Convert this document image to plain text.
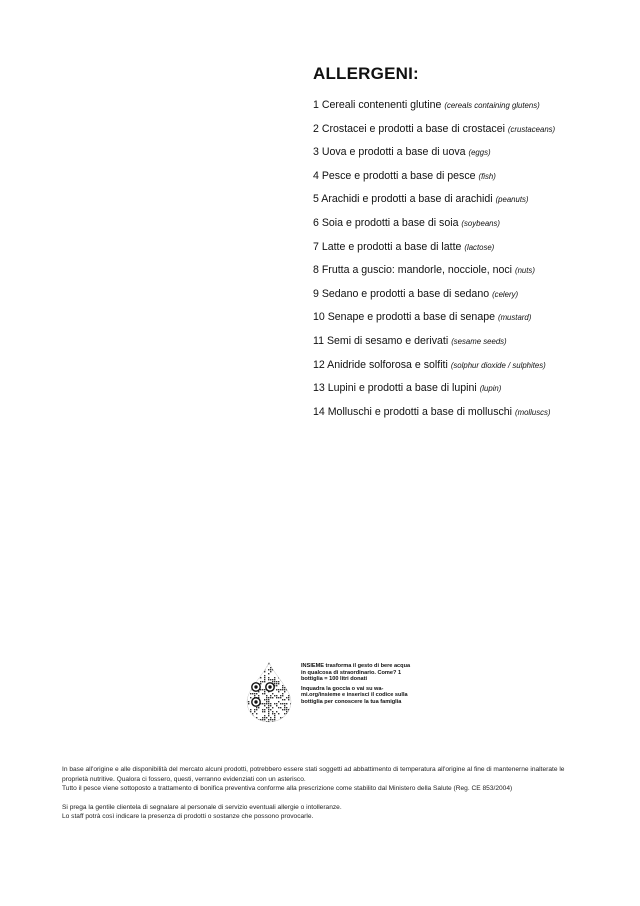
ALLERGENI:
1 Cereali contenenti glutine (cereals containing glutens)
2 Crostacei e prodotti a base di crostacei (crustaceans)
3 Uova e prodotti a base di uova (eggs)
4 Pesce e prodotti a base di pesce (fish)
5 Arachidi e prodotti a base di arachidi (peanuts)
6 Soia e prodotti a base di soia (soybeans)
7 Latte e prodotti a base di latte (lactose)
8 Frutta a guscio: mandorle, nocciole, noci (nuts)
9 Sedano e prodotti a base di sedano (celery)
10 Senape e prodotti a base di senape (mustard)
11 Semi di sesamo e derivati (sesame seeds)
12 Anidride solforosa e solfiti (solphur dioxide / sulphites)
13 Lupini e prodotti a base di lupini (lupin)
14 Molluschi e prodotti a base di molluschi (molluscs)

INSIEME trasforma il gesto di bere acqua in qualcosa di straordinario. Come? 1 bottiglia = 100 litri donati

Inquadra la goccia o vai su wa-mi.org/insieme e inserisci il codice sulla bottiglia per conoscere la tua famiglia

In base all'origine e alle disponibilità del mercato alcuni prodotti, potrebbero essere stati soggetti ad abbattimento di temperatura all'origine al fine di mantenerne inalterate le proprietà nutritive. Qualora ci fossero, questi, verranno evidenziati con un asterisco.

Tutto il pesce viene sottoposto a trattamento di bonifica preventiva conforme alla prescrizione come stabilito dal Ministero della Salute (Reg. CE 853/2004)

Si prega la gentile clientela di segnalare al personale di servizio eventuali allergie o intolleranze.

Lo staff potrà così indicare la presenza di prodotti o sostanze che possono provocarle.
